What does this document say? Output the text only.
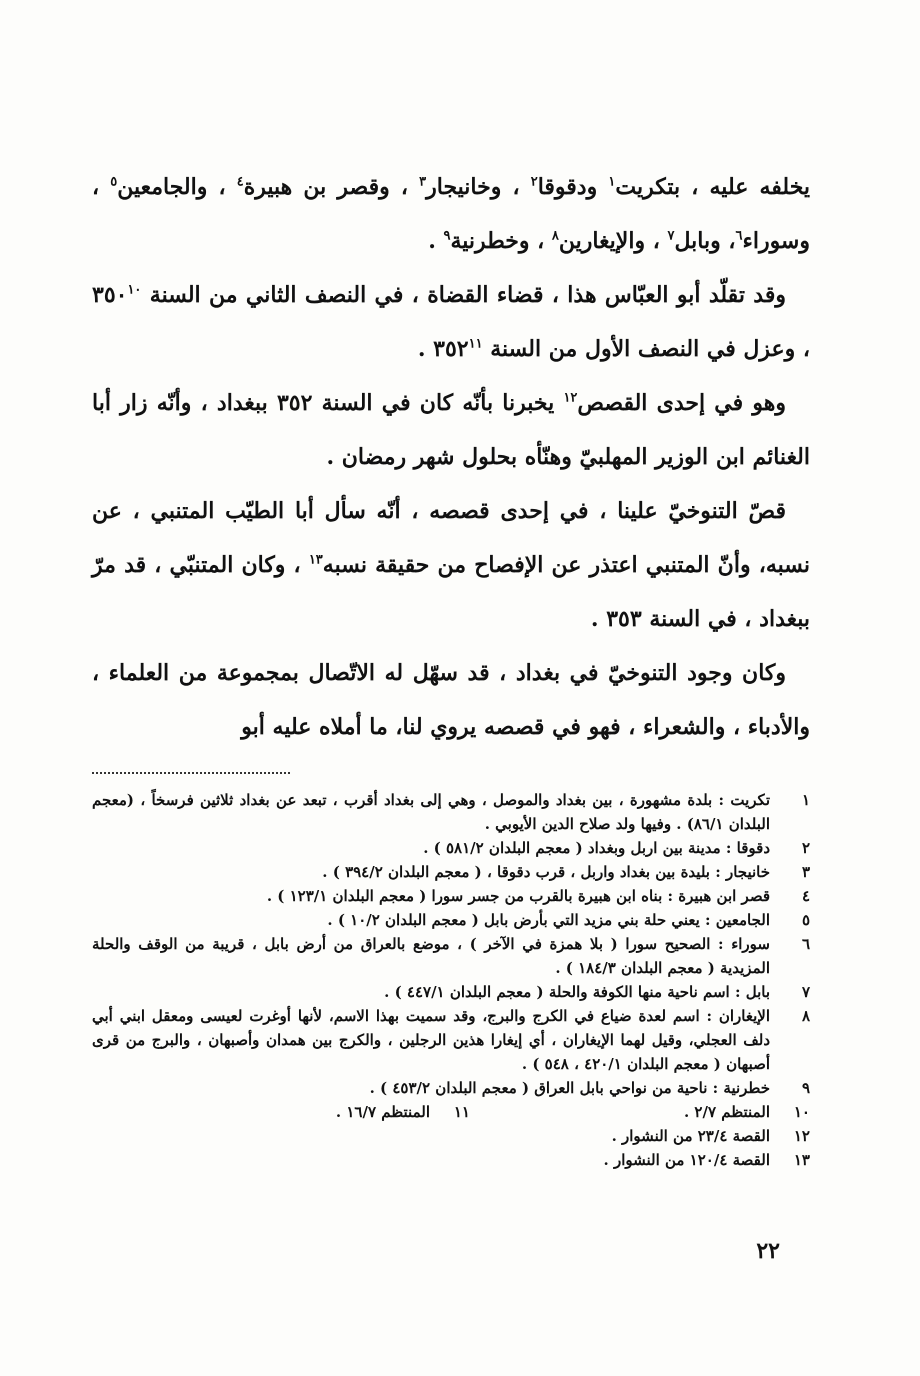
يخلفه عليه ، بتكريت$^١$ ودقوقا$^٢$ ، وخانيجار$^٣$ ، وقصر بن هبيرة$^٤$ ، والجامعين$^٥$ ، وسوراء$^٦$، وبابل$^٧$ ، والإيغارين$^٨$ ، وخطرنية$^٩$ .

وقد تقلّد أبو العبّاس هذا ، قضاء القضاة ، في النصف الثاني من السنة $٣٥٠^{١٠}$ ، وعزل في النصف الأول من السنة $٣٥٢^{١١}$ .

وهو في إحدى القصص$^{١٢}$ يخبرنا بأنّه كان في السنة ٣٥٢ ببغداد ، وأنّه زار أبا الغنائم ابن الوزير المهلبيّ وهنّأه بحلول شهر رمضان .

قصّ التنوخيّ علينا ، في إحدى قصصه ، أنّه سأل أبا الطيّب المتنبي ، عن نسبه، وأنّ المتنبي اعتذر عن الإفصاح من حقيقة نسبه$^{١٣}$ ، وكان المتنبّي ، قد مرّ ببغداد ، في السنة ٣٥٣ .

وكان وجود التنوخيّ في بغداد ، قد سهّل له الاتّصال بمجموعة من العلماء ، والأدباء ، والشعراء ، فهو في قصصه يروي لنا، ما أملاه عليه أبو

١
تكريت : بلدة مشهورة ، بين بغداد والموصل ، وهي إلى بغداد أقرب ، تبعد عن بغداد ثلاثين فرسخاً ، (معجم البلدان ٨٦/١) . وفيها ولد صلاح الدين الأيوبي .
٢
دقوقا : مدينة بين اربل وبغداد ( معجم البلدان ٥٨١/٢ ) .
٣
خانيجار : بليدة بين بغداد واربل ، قرب دقوقا ، ( معجم البلدان ٣٩٤/٢ ) .
٤
قصر ابن هبيرة : بناه ابن هبيرة بالقرب من جسر سورا ( معجم البلدان ١٢٣/١ ) .
٥
الجامعين : يعني حلة بني مزيد التي بأرض بابل ( معجم البلدان ١٠/٢ ) .
٦
سوراء : الصحيح سورا ( بلا همزة في الآخر ) ، موضع بالعراق من أرض بابل ، قريبة من الوقف والحلة المزيدية ( معجم البلدان ١٨٤/٣ ) .
٧
بابل : اسم ناحية منها الكوفة والحلة ( معجم البلدان ٤٤٧/١ ) .
٨
الإيغاران : اسم لعدة ضياع في الكرج والبرج، وقد سميت بهذا الاسم، لأنها أوغرت لعيسى ومعقل ابني أبي دلف العجلي، وقيل لهما الإيغاران ، أي إيغارا هذين الرجلين ، والكرج بين همدان وأصبهان ، والبرج من قرى أصبهان ( معجم البلدان ٤٢٠/١ ، ٥٤٨ ) .
٩
خطرنية : ناحية من نواحي بابل العراق ( معجم البلدان ٤٥٣/٢ ) .
١٠
المنتظم ٢/٧ .
١١
المنتظم ١٦/٧ .
١٢
القصة ٢٣/٤ من النشوار .
١٣
القصة ١٢٠/٤ من النشوار .
٢٢
